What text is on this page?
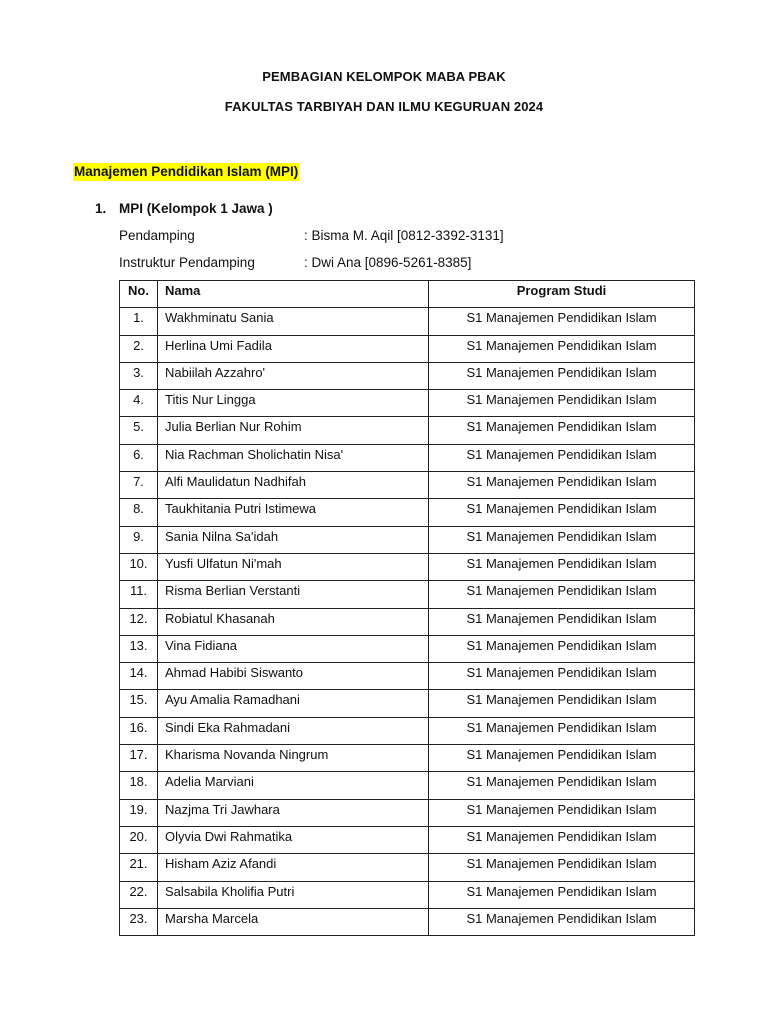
PEMBAGIAN KELOMPOK MABA PBAK
FAKULTAS TARBIYAH DAN ILMU KEGURUAN 2024
Manajemen Pendidikan Islam (MPI)
1. MPI (Kelompok 1 Jawa )
Pendamping	: Bisma M. Aqil [0812-3392-3131]
Instruktur Pendamping	: Dwi Ana [0896-5261-8385]
No.	Nama	Program Studi
1.	Wakhminatu Sania	S1 Manajemen Pendidikan Islam
2.	Herlina Umi Fadila	S1 Manajemen Pendidikan Islam
3.	Nabiilah Azzahro'	S1 Manajemen Pendidikan Islam
4.	Titis Nur Lingga	S1 Manajemen Pendidikan Islam
5.	Julia Berlian Nur Rohim	S1 Manajemen Pendidikan Islam
6.	Nia Rachman Sholichatin Nisa'	S1 Manajemen Pendidikan Islam
7.	Alfi Maulidatun Nadhifah	S1 Manajemen Pendidikan Islam
8.	Taukhitania Putri Istimewa	S1 Manajemen Pendidikan Islam
9.	Sania Nilna Sa'idah	S1 Manajemen Pendidikan Islam
10.	Yusfi Ulfatun Ni'mah	S1 Manajemen Pendidikan Islam
11.	Risma Berlian Verstanti	S1 Manajemen Pendidikan Islam
12.	Robiatul Khasanah	S1 Manajemen Pendidikan Islam
13.	Vina Fidiana	S1 Manajemen Pendidikan Islam
14.	Ahmad Habibi Siswanto	S1 Manajemen Pendidikan Islam
15.	Ayu Amalia Ramadhani	S1 Manajemen Pendidikan Islam
16.	Sindi Eka Rahmadani	S1 Manajemen Pendidikan Islam
17.	Kharisma Novanda Ningrum	S1 Manajemen Pendidikan Islam
18.	Adelia Marviani	S1 Manajemen Pendidikan Islam
19.	Nazjma Tri Jawhara	S1 Manajemen Pendidikan Islam
20.	Olyvia Dwi Rahmatika	S1 Manajemen Pendidikan Islam
21.	Hisham Aziz Afandi	S1 Manajemen Pendidikan Islam
22.	Salsabila Kholifia Putri	S1 Manajemen Pendidikan Islam
23.	Marsha Marcela	S1 Manajemen Pendidikan Islam
